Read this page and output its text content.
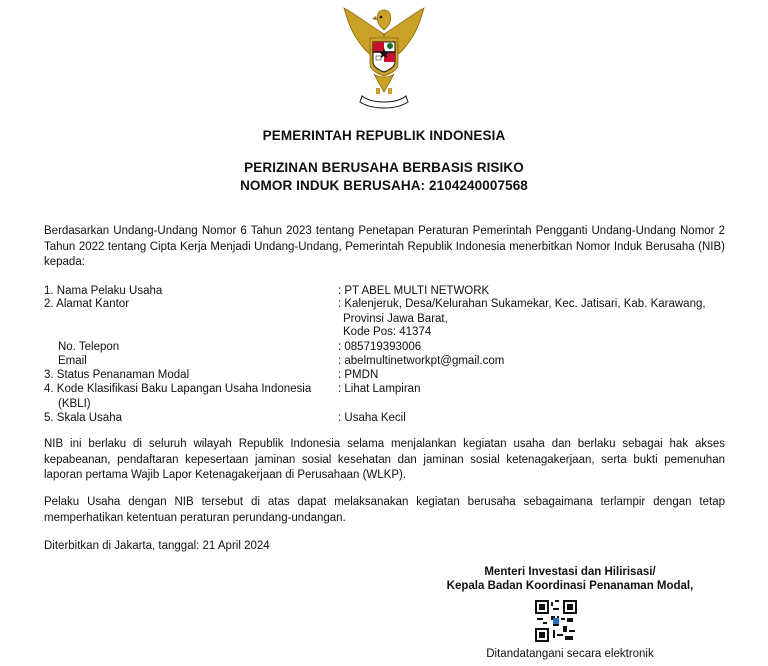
PEMERINTAH REPUBLIK INDONESIA
PERIZINAN BERUSAHA BERBASIS RISIKO
NOMOR INDUK BERUSAHA: 2104240007568
Berdasarkan Undang-Undang Nomor 6 Tahun 2023 tentang Penetapan Peraturan Pemerintah Pengganti Undang-Undang Nomor 2 Tahun 2022 tentang Cipta Kerja Menjadi Undang-Undang, Pemerintah Republik Indonesia menerbitkan Nomor Induk Berusaha (NIB) kepada:
1. Nama Pelaku Usaha	: PT ABEL MULTI NETWORK
2. Alamat Kantor	: Kalenjeruk, Desa/Kelurahan Sukamekar, Kec. Jatisari, Kab. Karawang,
Provinsi Jawa Barat,
Kode Pos: 41374
No. Telepon	: 085719393006
Email	: abelmultinetworkpt@gmail.com
3. Status Penanaman Modal	: PMDN
4. Kode Klasifikasi Baku Lapangan Usaha Indonesia	: Lihat Lampiran
(KBLI)
5. Skala Usaha	: Usaha Kecil
NIB ini berlaku di seluruh wilayah Republik Indonesia selama menjalankan kegiatan usaha dan berlaku sebagai hak akses kepabeanan, pendaftaran kepesertaan jaminan sosial kesehatan dan jaminan sosial ketenagakerjaan, serta bukti pemenuhan laporan pertama Wajib Lapor Ketenagakerjaan di Perusahaan (WLKP).
Pelaku Usaha dengan NIB tersebut di atas dapat melaksanakan kegiatan berusaha sebagaimana terlampir dengan tetap memperhatikan ketentuan peraturan perundang-undangan.
Diterbitkan di Jakarta, tanggal: 21 April 2024
Menteri Investasi dan Hilirisasi/
Kepala Badan Koordinasi Penanaman Modal,
Ditandatangani secara elektronik
